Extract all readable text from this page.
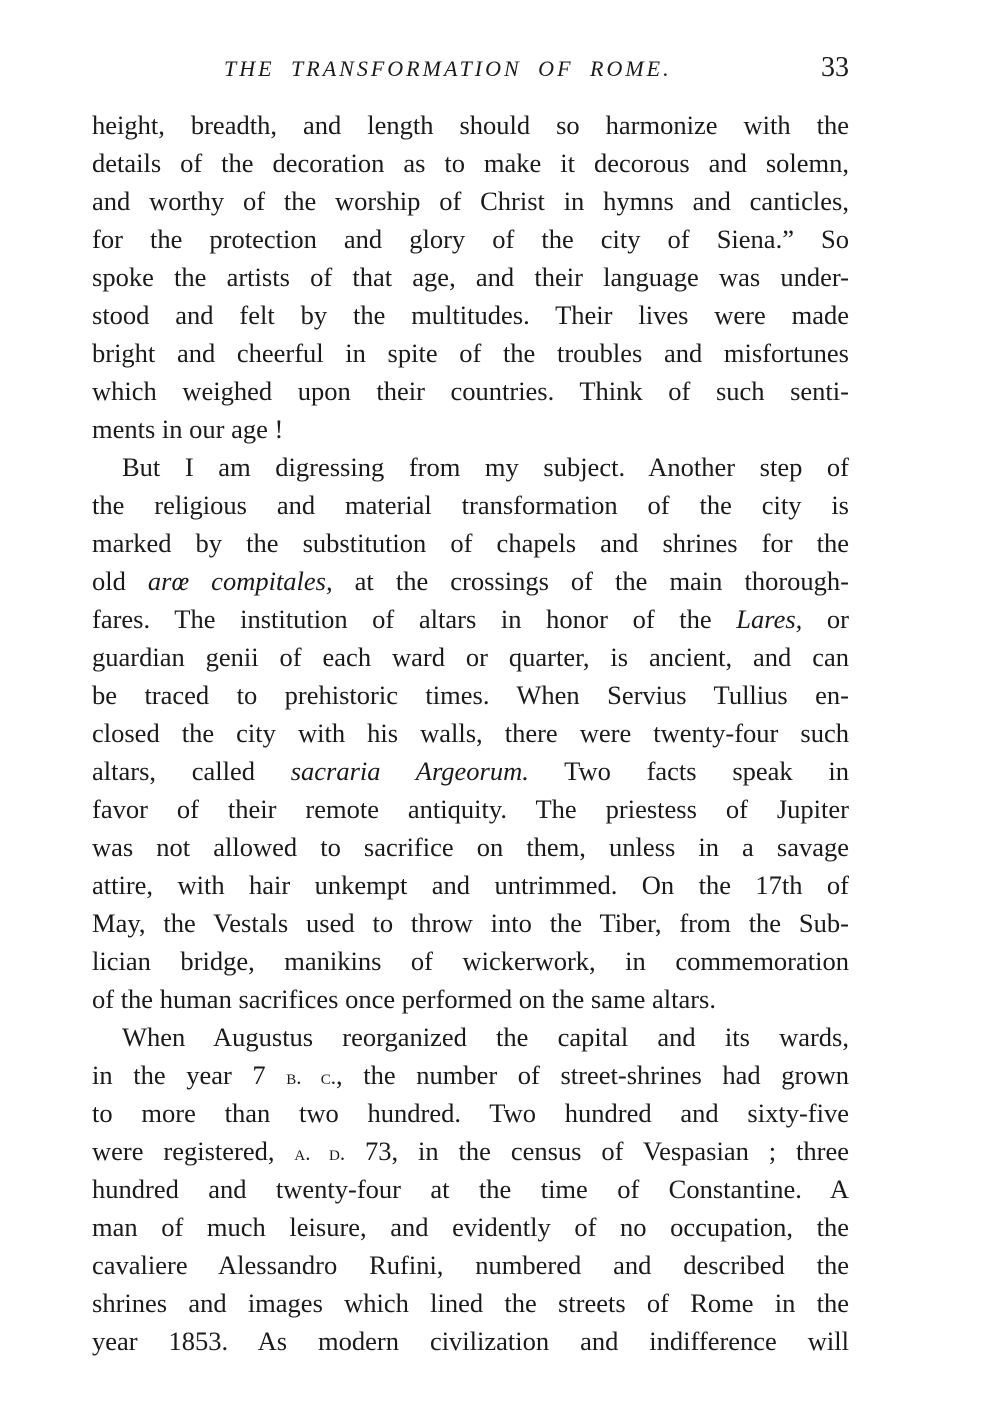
THE TRANSFORMATION OF ROME.	33
height, breadth, and length should so harmonize with the
details of the decoration as to make it decorous and solemn,
and worthy of the worship of Christ in hymns and canticles,
for the protection and glory of the city of Siena.” So
spoke the artists of that age, and their language was under-
stood and felt by the multitudes. Their lives were made
bright and cheerful in spite of the troubles and misfortunes
which weighed upon their countries. Think of such senti-
ments in our age !
But I am digressing from my subject. Another step of
the religious and material transformation of the city is
marked by the substitution of chapels and shrines for the
old arœ compitales, at the crossings of the main thorough-
fares. The institution of altars in honor of the Lares, or
guardian genii of each ward or quarter, is ancient, and can
be traced to prehistoric times. When Servius Tullius en-
closed the city with his walls, there were twenty-four such
altars, called sacraria Argeorum. Two facts speak in
favor of their remote antiquity. The priestess of Jupiter
was not allowed to sacrifice on them, unless in a savage
attire, with hair unkempt and untrimmed. On the 17th of
May, the Vestals used to throw into the Tiber, from the Sub-
lician bridge, manikins of wickerwork, in commemoration
of the human sacrifices once performed on the same altars.
When Augustus reorganized the capital and its wards,
in the year 7 b. c., the number of street-shrines had grown
to more than two hundred. Two hundred and sixty-five
were registered, a. d. 73, in the census of Vespasian ; three
hundred and twenty-four at the time of Constantine. A
man of much leisure, and evidently of no occupation, the
cavaliere Alessandro Rufini, numbered and described the
shrines and images which lined the streets of Rome in the
year 1853. As modern civilization and indifference will
